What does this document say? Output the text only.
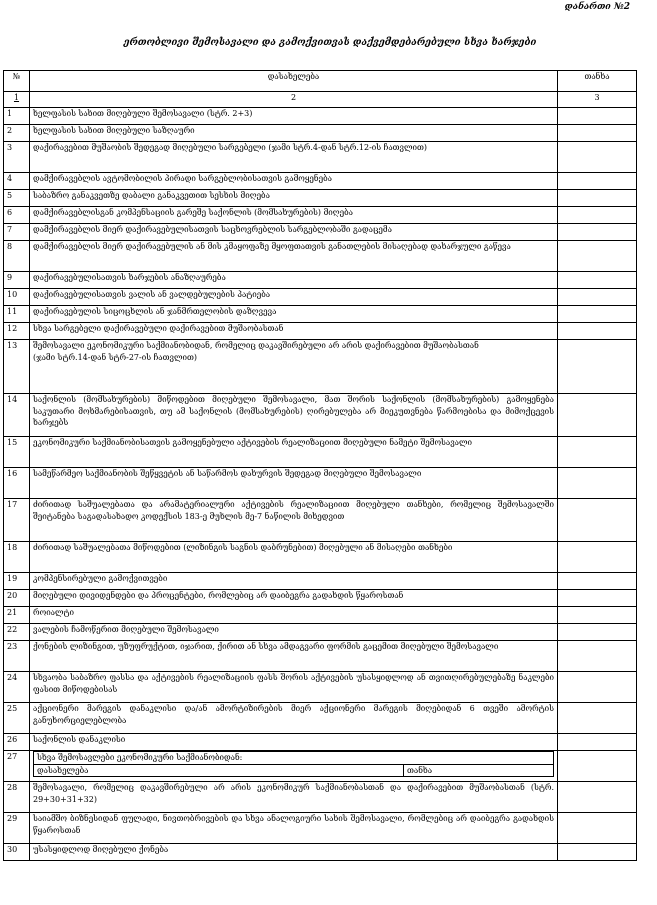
დანართი №2
ერთობლივი შემოსავალი და გამოქვითვას დაქვემდებარებული სხვა ხარჯები
№	დასახელება	თანხა
1	2	3
1	ხელფასის სახით მიღებული შემოსავალი (სტრ. 2+3)	
2	ხელფასის სახით მიღებული საზღაური	
3	დაქირავებით მუშაობის შედეგად მიღებული სარგებელი (ჯამი სტრ.4-დან სტრ.12-ის ჩათვლით)	
4	დამქირავებლის ავტომობილის პირადი სარგებლობისათვის გამოყენება	
5	საბაზრო განაკვეთზე დაბალი განაკვეთით სესხის მიღება	
6	დამქირავებლისგან კომპენსაციის გარეშე საქონლის (მომსახურების) მიღება	
7	დამქირავებლის მიერ დაქირავებულისათვის საცხოვრებლის სარგებლობაში გადაცემა	
8	დამქირავებლის მიერ დაქირავებულის ან მის კმაყოფაზე მყოფთათვის განათლების მისაღებად დახარჯული გაწევა	
9	დაქირავებულისათვის ხარჯების ანაზღაურება	
10	დაქირავებულისათვის ვალის ან ვალდებულების პატიება	
11	დაქირავებულის სიცოცხლის ან ჯანმრთელობის დაზღვევა	
12	სხვა სარგებელი დაქირავებული დაქირავებით მუშაობასთან	
13	შემოსავალი ეკონომიკური საქმიანობიდან, რომელიც დაკავშირებული არ არის დაქირავებით მუშაობასთან
(ჯამი სტრ.14-დან სტრ-27-ის ჩათვლით)	
14	საქონლის (მომსახურების) მიწოდებით მიღებული შემოსავალი, მათ შორის საქონლის (მომსახურების) გამოყენება საკუთარი მოხმარებისათვის, თუ ამ საქონლის (მომსახურების) ღირებულება არ მიეკუთვნება წარმოებისა და მიმოქცევის ხარჯებს	
15	ეკონომიკური საქმიანობისათვის გამოყენებული აქტივების რეალიზაციით მიღებული ნამეტი შემოსავალი	
16	სამეწარმეო საქმიანობის შეწყვეტის ან საწარმოს დახურვის შედეგად მიღებული შემოსავალი	
17	ძირითად საშუალებათა და არამატერიალური აქტივების რეალიზაციით მიღებული თანხები, რომელიც შემოსავალში შეიტანება საგადასახადო კოდექსის 183-ე მუხლის მე-7 ნაწილის მიხედვით	
18	ძირითად საშუალებათა მიწოდებით (ლიზინგის საგნის დაბრუნებით) მიღებული ან მისაღები თანხები	
19	კომპენსირებული გამოქვითვები	
20	მიღებული დივიდენდები და პროცენტები, რომლებიც არ დაიბეგრა გადახდის წყაროსთან	
21	როიალტი	
22	ვალების ჩამოწერით მიღებული შემოსავალი	
23	ქონების ლიზინგით, უზუფრუქტით, იჯარით, ქირით ან სხვა ამდაგვარი ფორმის გაცემით მიღებული შემოსავალი	
24	სხვაობა საბაზრო ფასსა და აქტივების რეალიზაციის ფასს შორის აქტივების უსასყიდლოდ ან თვითღირებულებაზე ნაკლები ფასით მიწოდებისას	
25	აქციონერი მარეგის დანაკლისი და/ან ამორტიზირების მიერ აქციონერი მარეგის მიღებიდან 6 თვეში ამორტის განუხორციელებლობა	
26	საქონლის დანაკლისი	
27	სხვა შემოსავლები ეკონომიკური საქმიანობიდან:
დასახელება	თანხა

28	შემოსავალი, რომელიც დაკავშირებული არ არის ეკონომიკურ საქმიანობასთან და დაქირავებით მუშაობასთან (სტრ. 29+30+31+32)	
29	საიამშო ბიზნესიდან ფულადი, ნივთობრივების და სხვა ანალოგიური სახის შემოსავალი, რომლებიც არ დაიბეგრა გადახდის წყაროსთან	
30	უსასყიდლოდ მიღებული ქონება	
